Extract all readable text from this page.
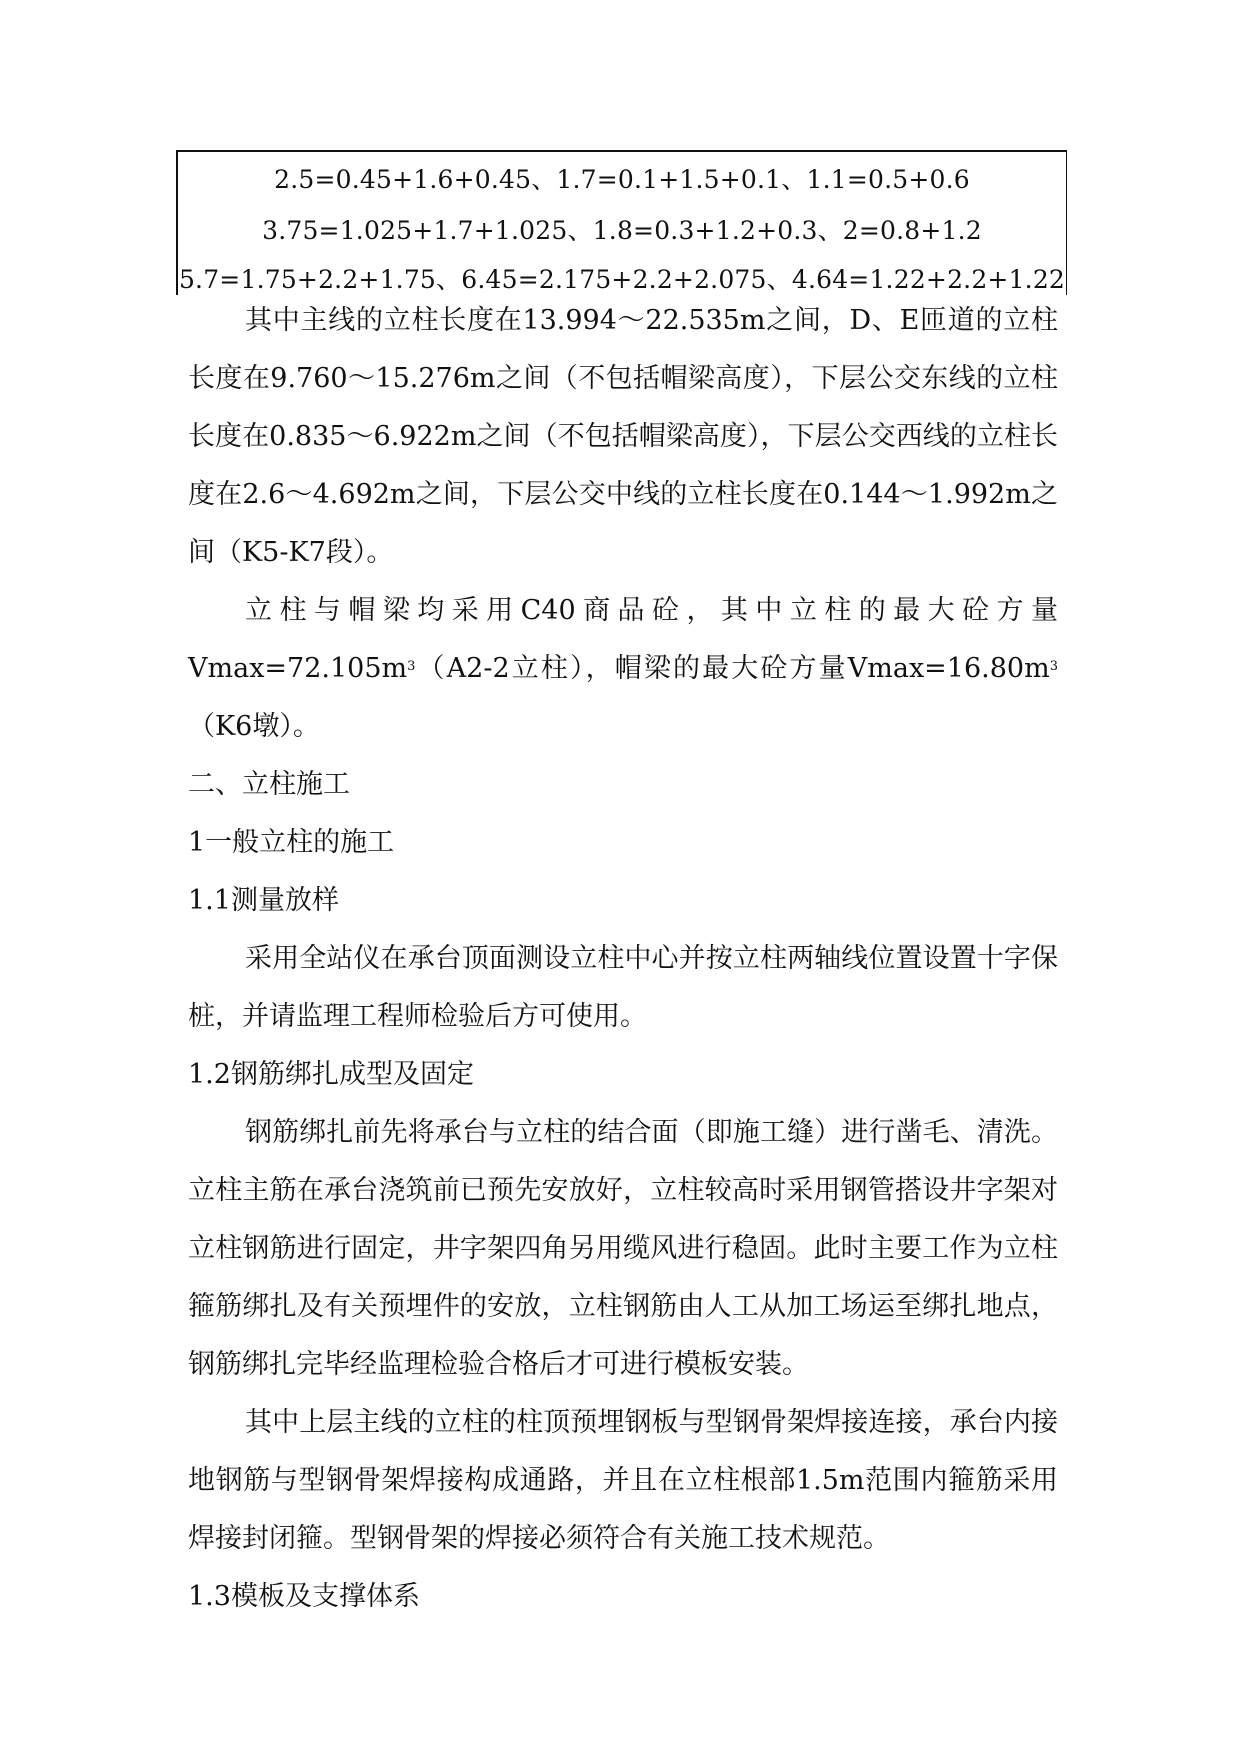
2.5=0.45+1.6+0.45、1.7=0.1+1.5+0.1、1.1=0.5+0.6
3.75=1.025+1.7+1.025、1.8=0.3+1.2+0.3、2=0.8+1.2
5.7=1.75+2.2+1.75、6.45=2.175+2.2+2.075、4.64=1.22+2.2+1.22

其中主线的立柱长度在13.994～22.535m之间，D、E匝道的立柱长度在9.760～15.276m之间（不包括帽梁高度），下层公交东线的立柱长度在0.835～6.922m之间（不包括帽梁高度），下层公交西线的立柱长度在2.6～4.692m之间，下层公交中线的立柱长度在0.144～1.992m之间（K5-K7段）。

立柱与帽梁均采用C40商品砼，其中立柱的最大砼方量$Vmax=72.105m^3(A2-2$立柱），帽梁的最大砼方量$Vmax=16.80m^3(K6$墩）。

二、立柱施工

1一般立柱的施工

1.1测量放样

采用全站仪在承台顶面测设立柱中心并按立柱两轴线位置设置十字保桩，并请监理工程师检验后方可使用。

1.2钢筋绑扎成型及固定

钢筋绑扎前先将承台与立柱的结合面（即施工缝）进行凿毛、清洗。立柱主筋在承台浇筑前已预先安放好，立柱较高时采用钢管搭设井字架对立柱钢筋进行固定，井字架四角另用缆风进行稳固。此时主要工作为立柱箍筋绑扎及有关预埋件的安放，立柱钢筋由人工从加工场运至绑扎地点，钢筋绑扎完毕经监理检验合格后才可进行模板安装。

其中上层主线的立柱的柱顶预埋钢板与型钢骨架焊接连接，承台内接地钢筋与型钢骨架焊接构成通路，并且在立柱根部1.5m范围内箍筋采用焊接封闭箍。型钢骨架的焊接必须符合有关施工技术规范。

1.3模板及支撑体系
